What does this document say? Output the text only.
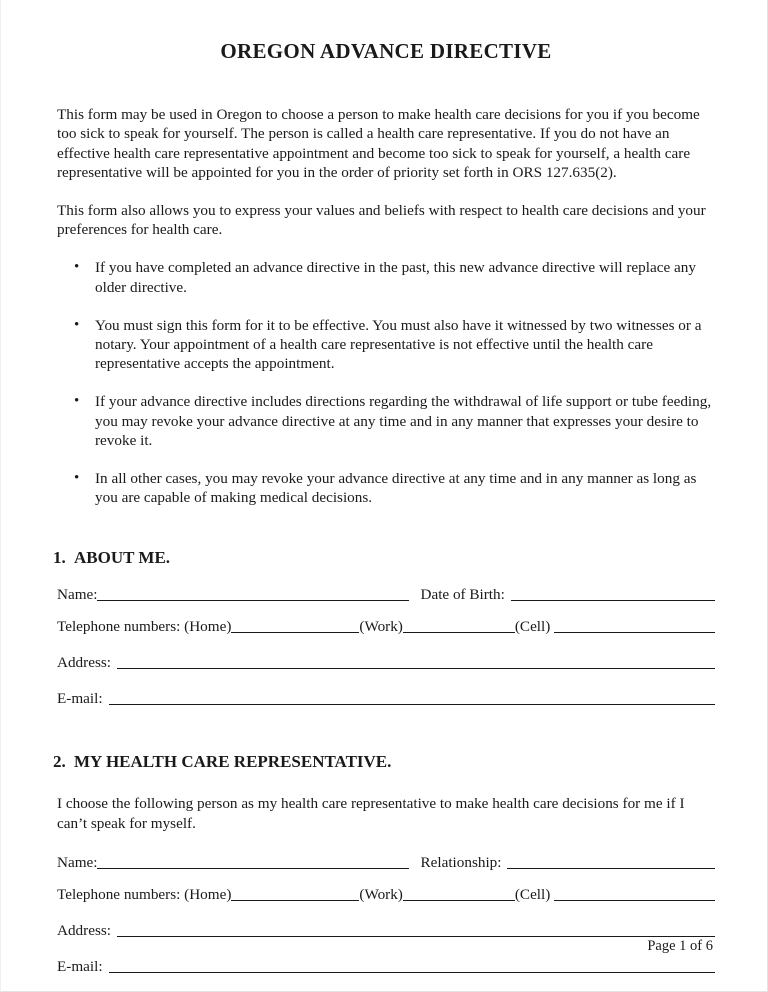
OREGON ADVANCE DIRECTIVE

This form may be used in Oregon to choose a person to make health care decisions for you if you become too sick to speak for yourself. The person is called a health care representative. If you do not have an effective health care representative appointment and become too sick to speak for yourself, a health care representative will be appointed for you in the order of priority set forth in ORS 127.635(2).

This form also allows you to express your values and beliefs with respect to health care decisions and your preferences for health care.

• If you have completed an advance directive in the past, this new advance directive will replace any older directive.
• You must sign this form for it to be effective. You must also have it witnessed by two witnesses or a notary. Your appointment of a health care representative is not effective until the health care representative accepts the appointment.
• If your advance directive includes directions regarding the withdrawal of life support or tube feeding, you may revoke your advance directive at any time and in any manner that expresses your desire to revoke it.
• In all other cases, you may revoke your advance directive at any time and in any manner as long as you are capable of making medical decisions.
1. ABOUT ME.
Name:
	Date of Birth:

Telephone numbers: (Home)	(Work)	(Cell)

Address:

E-mail:

2. MY HEALTH CARE REPRESENTATIVE.

I choose the following person as my health care representative to make health care decisions for me if I can’t speak for myself.

Name:
	Relationship:

Telephone numbers: (Home)	(Work)	(Cell)

Address:

E-mail:

Page 1 of 6
